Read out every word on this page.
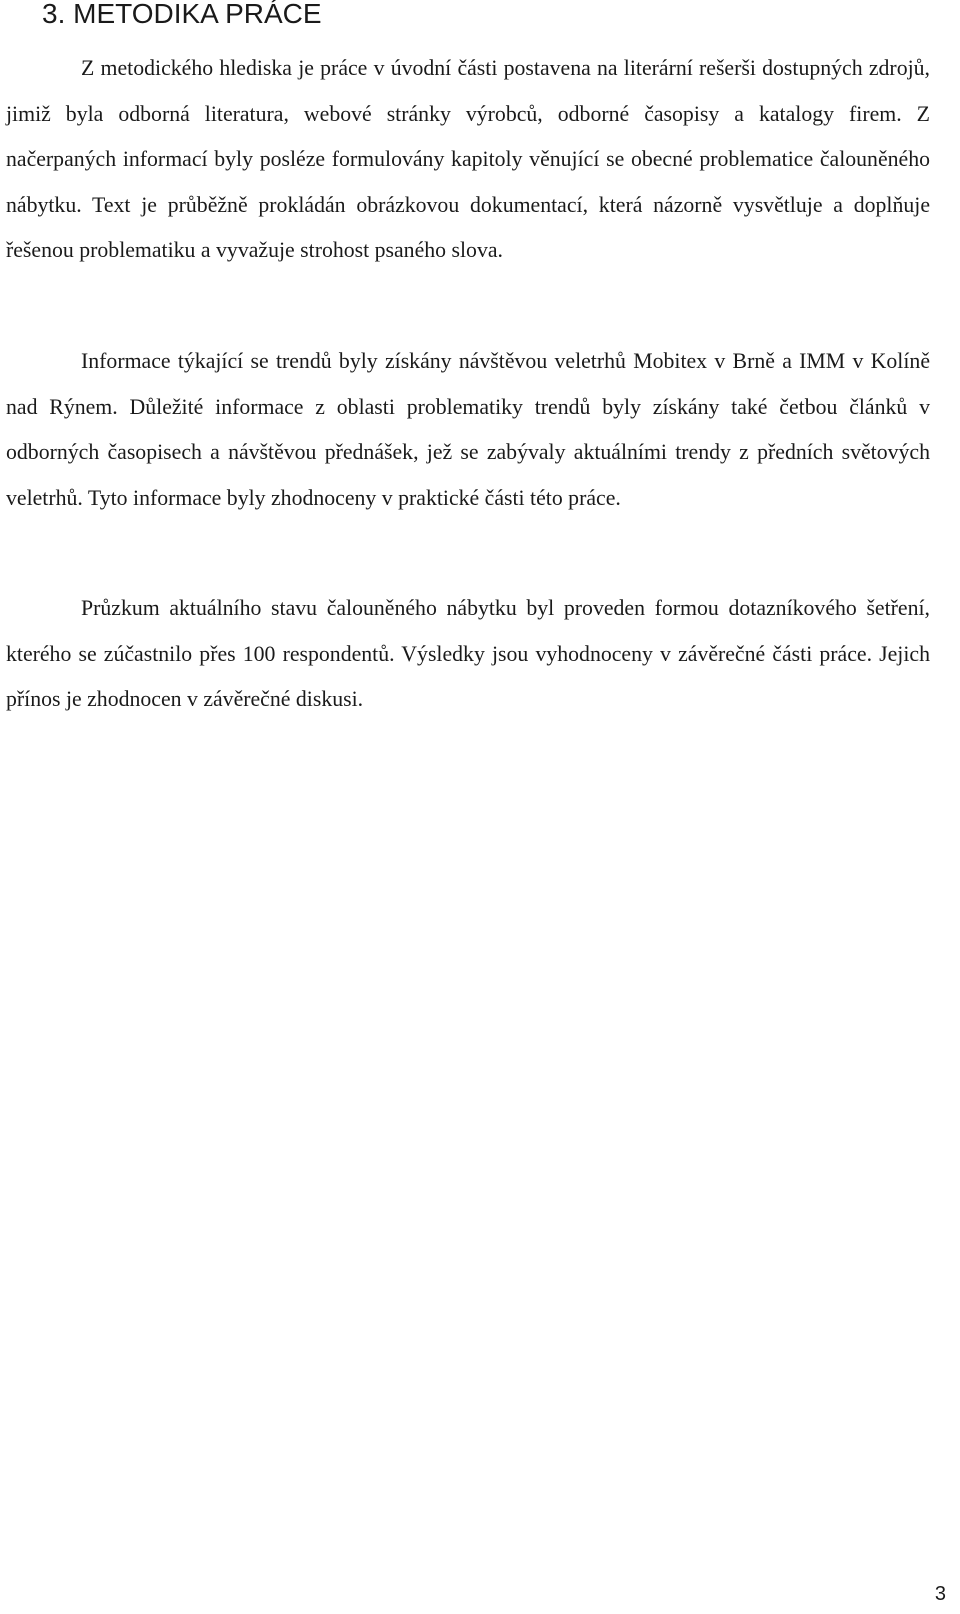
3. METODIKA PRÁCE

Z metodického hlediska je práce v úvodní části postavena na literární rešerši dostupných zdrojů, jimiž byla odborná literatura, webové stránky výrobců, odborné časopisy a katalogy firem. Z načerpaných informací byly posléze formulovány kapitoly věnující se obecné problematice čalouněného nábytku. Text je průběžně prokládán obrázkovou dokumentací, která názorně vysvětluje a doplňuje řešenou problematiku a vyvažuje strohost psaného slova.

Informace týkající se trendů byly získány návštěvou veletrhů Mobitex v Brně a IMM v Kolíně nad Rýnem. Důležité informace z oblasti problematiky trendů byly získány také četbou článků v odborných časopisech a návštěvou přednášek, jež se zabývaly aktuálními trendy z předních světových veletrhů. Tyto informace byly zhodnoceny v praktické části této práce.

Průzkum aktuálního stavu čalouněného nábytku byl proveden formou dotazníkového šetření, kterého se zúčastnilo přes 100 respondentů. Výsledky jsou vyhodnoceny v závěrečné části práce. Jejich přínos je zhodnocen v závěrečné diskusi.

3
